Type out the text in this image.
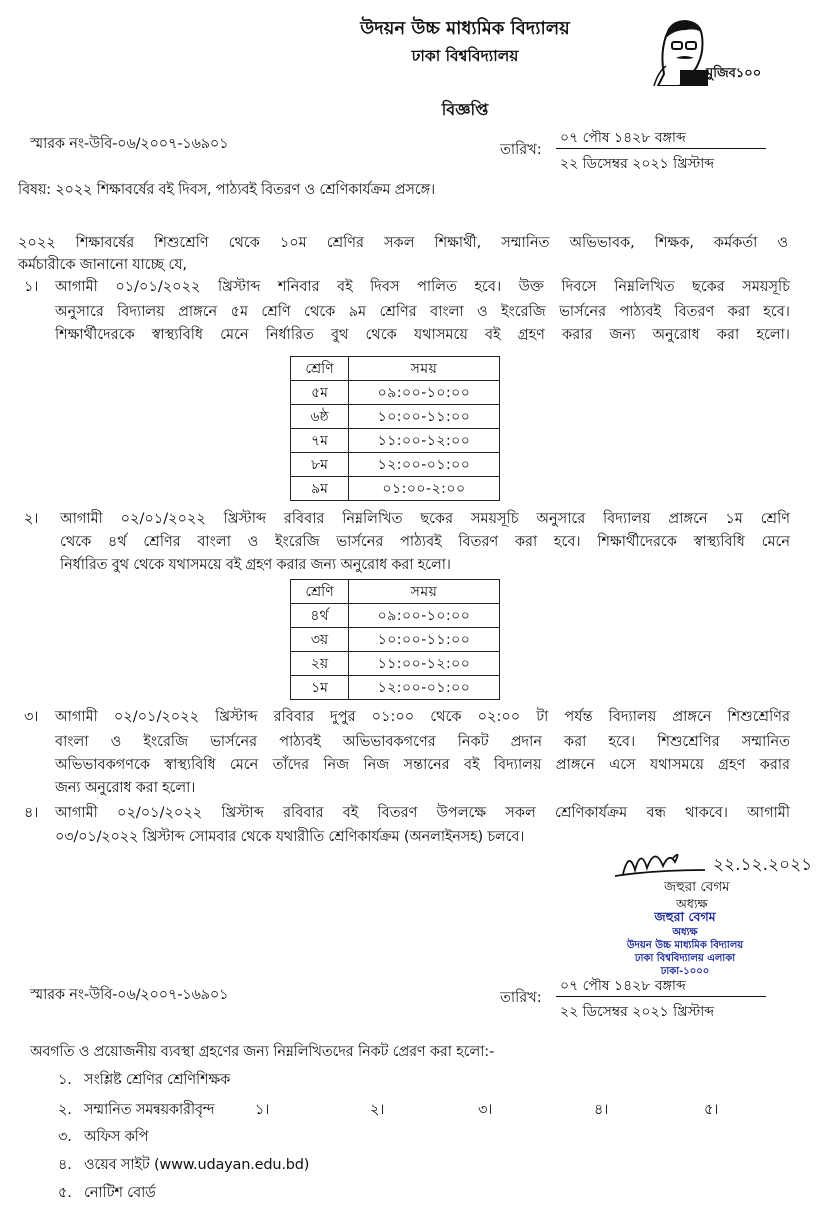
উদয়ন উচ্চ মাধ্যমিক বিদ্যালয়
ঢাকা বিশ্ববিদ্যালয়
মুজিব১০০
বিজ্ঞপ্তি
স্মারক নং-উবি-০৬/২০০৭-১৬৯০১	তারিখ:
০৭ পৌষ ১৪২৮ বঙ্গাব্দ
২২ ডিসেম্বর ২০২১ খ্রিস্টাব্দ
বিষয়: ২০২২ শিক্ষাবর্ষের বই দিবস, পাঠ্যবই বিতরণ ও শ্রেণিকার্যক্রম প্রসঙ্গে।
২০২২ শিক্ষাবর্ষের শিশুশ্রেণি থেকে ১০ম শ্রেণির সকল শিক্ষার্থী, সম্মানিত অভিভাবক, শিক্ষক, কর্মকর্তা ও
কর্মচারীকে জানানো যাচ্ছে যে,
১। আগামী ০১/০১/২০২২ খ্রিস্টাব্দ শনিবার বই দিবস পালিত হবে। উক্ত দিবসে নিম্নলিখিত ছকের সময়সূচি
অনুসারে বিদ্যালয় প্রাঙ্গনে ৫ম শ্রেণি থেকে ৯ম শ্রেণির বাংলা ও ইংরেজি ভার্সনের পাঠ্যবই বিতরণ করা হবে।
শিক্ষার্থীদেরকে স্বাস্থ্যবিধি মেনে নির্ধারিত বুথ থেকে যথাসময়ে বই গ্রহণ করার জন্য অনুরোধ করা হলো।
শ্রেণি	সময়
৫ম	০৯:০০-১০:০০
৬ষ্ঠ	১০:০০-১১:০০
৭ম	১১:০০-১২:০০
৮ম	১২:০০-০১:০০
৯ম	০১:০০-২:০০
২। আগামী ০২/০১/২০২২ খ্রিস্টাব্দ রবিবার নিম্নলিখিত ছকের সময়সূচি অনুসারে বিদ্যালয় প্রাঙ্গনে ১ম শ্রেণি
থেকে ৪র্থ শ্রেণির বাংলা ও ইংরেজি ভার্সনের পাঠ্যবই বিতরণ করা হবে। শিক্ষার্থীদেরকে স্বাস্থ্যবিধি মেনে
নির্ধারিত বুথ থেকে যথাসময়ে বই গ্রহণ করার জন্য অনুরোধ করা হলো।
শ্রেণি	সময়
৪র্থ	০৯:০০-১০:০০
৩য়	১০:০০-১১:০০
২য়	১১:০০-১২:০০
১ম	১২:০০-০১:০০
৩। আগামী ০২/০১/২০২২ খ্রিস্টাব্দ রবিবার দুপুর ০১:০০ থেকে ০২:০০ টা পর্যন্ত বিদ্যালয় প্রাঙ্গনে শিশুশ্রেণির
বাংলা ও ইংরেজি ভার্সনের পাঠ্যবই অভিভাবকগণের নিকট প্রদান করা হবে। শিশুশ্রেণির সম্মানিত
অভিভাবকগণকে স্বাস্থ্যবিধি মেনে তাঁদের নিজ নিজ সন্তানের বই বিদ্যালয় প্রাঙ্গনে এসে যথাসময়ে গ্রহণ করার
জন্য অনুরোধ করা হলো।
৪। আগামী ০২/০১/২০২২ খ্রিস্টাব্দ রবিবার বই বিতরণ উপলক্ষে সকল শ্রেণিকার্যক্রম বন্ধ থাকবে। আগামী
০৩/০১/২০২২ খ্রিস্টাব্দ সোমবার থেকে যথারীতি শ্রেণিকার্যক্রম (অনলাইনসহ) চলবে।
২২.১২.২০২১
জহুরা বেগম
অধ্যক্ষ
জহুরা বেগম
অধ্যক্ষ
উদয়ন উচ্চ মাধ্যমিক বিদ্যালয়
ঢাকা বিশ্ববিদ্যালয় এলাকা
ঢাকা-১০০০
স্মারক নং-উবি-০৬/২০০৭-১৬৯০১	তারিখ:
০৭ পৌষ ১৪২৮ বঙ্গাব্দ
২২ ডিসেম্বর ২০২১ খ্রিস্টাব্দ
অবগতি ও প্রয়োজনীয় ব্যবস্থা গ্রহণের জন্য নিম্নলিখিতদের নিকট প্রেরণ করা হলো:-
১. সংশ্লিষ্ট শ্রেণির শ্রেণিশিক্ষক
২. সম্মানিত সমন্বয়কারীবৃন্দ	১।	২।	৩।	৪।	৫।
৩. অফিস কপি
৪. ওয়েব সাইট (www.udayan.edu.bd)
৫. নোটিশ বোর্ড
